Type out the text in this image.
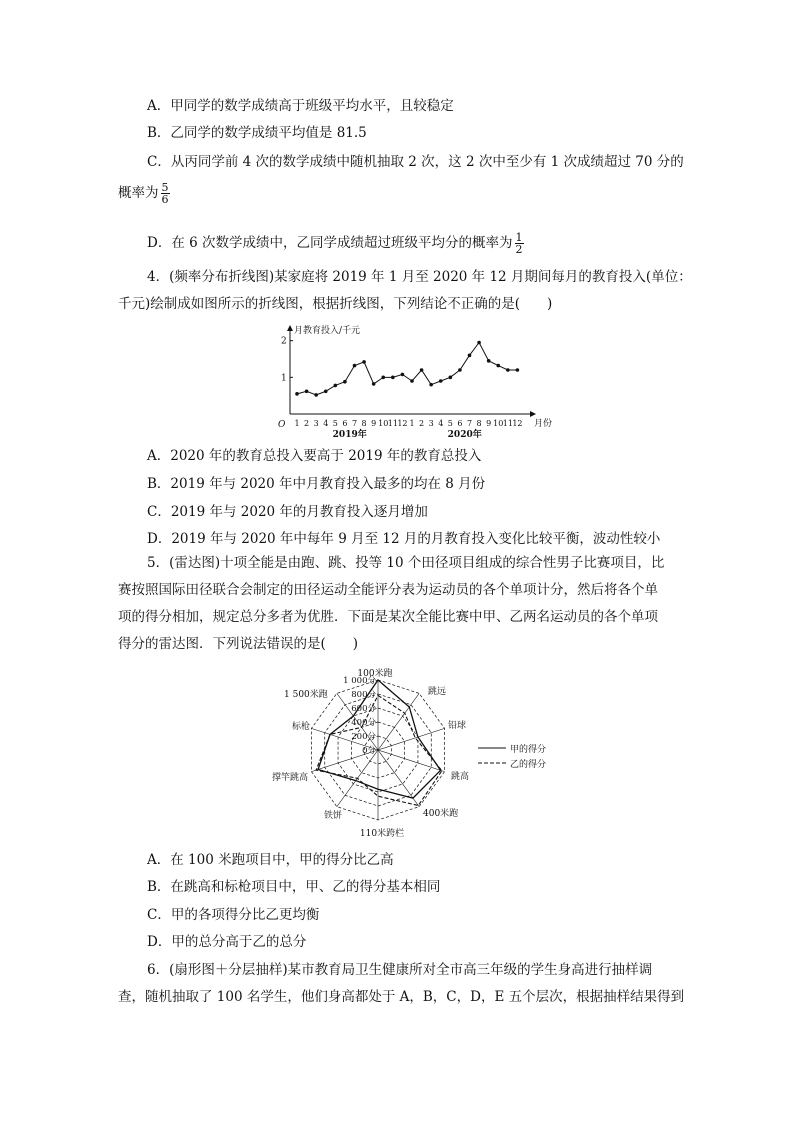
A．甲同学的数学成绩高于班级平均水平，且较稳定
B．乙同学的数学成绩平均值是 81.5
C．从丙同学前 4 次的数学成绩中随机抽取 2 次，这 2 次中至少有 1 次成绩超过 70 分的
概率为 $\frac{5}{6}$
D．在 6 次数学成绩中，乙同学成绩超过班级平均分的概率为 $\frac{1}{2}$
4．(频率分布折线图)某家庭将 2019 年 1 月至 2020 年 12 月期间每月的教育投入(单位：
千元)绘制成如图所示的折线图，根据折线图，下列结论不正确的是(　　)
月教育投入/千元
月份
O
1
2
1 2 3 4 5 6 7 8 9 10 11 12 1 2 3 4 5 6 7 8 9 10 11 12
2019年	2020年
A．2020 年的教育总投入要高于 2019 年的教育总投入
B．2019 年与 2020 年中月教育投入最多的均在 8 月份
C．2019 年与 2020 年的月教育投入逐月增加
D．2019 年与 2020 年中每年 9 月至 12 月的月教育投入变化比较平衡，波动性较小
5．(雷达图)十项全能是由跑、跳、投等 10 个田径项目组成的综合性男子比赛项目，比
赛按照国际田径联合会制定的田径运动全能评分表为运动员的各个单项计分，然后将各个单
项的得分相加，规定总分多者为优胜．下面是某次全能比赛中甲、乙两名运动员的各个单项
得分的雷达图．下列说法错误的是(　　)
100米跑
跳远
铅球
跳高
400米跑
110米跨栏
铁饼
撑竿跳高
标枪
1 500米跑
0分
200分
400分
600分
800分
1 000分
甲的得分
乙的得分
A．在 100 米跑项目中，甲的得分比乙高
B．在跳高和标枪项目中，甲、乙的得分基本相同
C．甲的各项得分比乙更均衡
D．甲的总分高于乙的总分
6．(扇形图＋分层抽样)某市教育局卫生健康所对全市高三年级的学生身高进行抽样调
查，随机抽取了 100 名学生，他们身高都处于 A，B，C，D，E 五个层次，根据抽样结果得到
